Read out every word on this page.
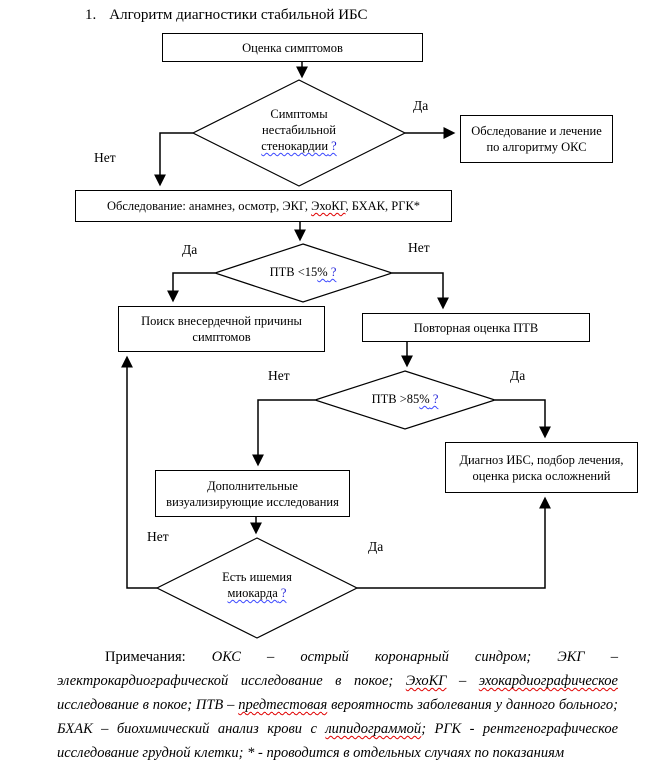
1. Алгоритм диагностики стабильной ИБС
Оценка симптомов
Обследование и лечение
по алгоритму ОКС
Обследование: анамнез, осмотр, ЭКГ, ЭхоКГ, БХАК, РГК*
Поиск внесердечной причины
симптомов
Повторная оценка ПТВ
Диагноз ИБС, подбор лечения,
оценка риска осложнений
Дополнительные
визуализирующие исследования
Симптомы
нестабильной
стенокардии ?
ПТВ <15% ?
ПТВ >85% ?
Есть ишемия
миокарда ?
Да
Нет
Да	Нет
Нет	Да
Нет
Да
Примечания: ОКС – острый коронарный синдром; ЭКГ – электрокардиографической исследование в покое; ЭхоКГ – эхокардиографическое исследование в покое; ПТВ – предтестовая вероятность заболевания у данного больного; БХАК – биохимический анализ крови с липидограммой; РГК - рентгенографическое исследование грудной клетки; * - проводится в отдельных случаях по показаниям
